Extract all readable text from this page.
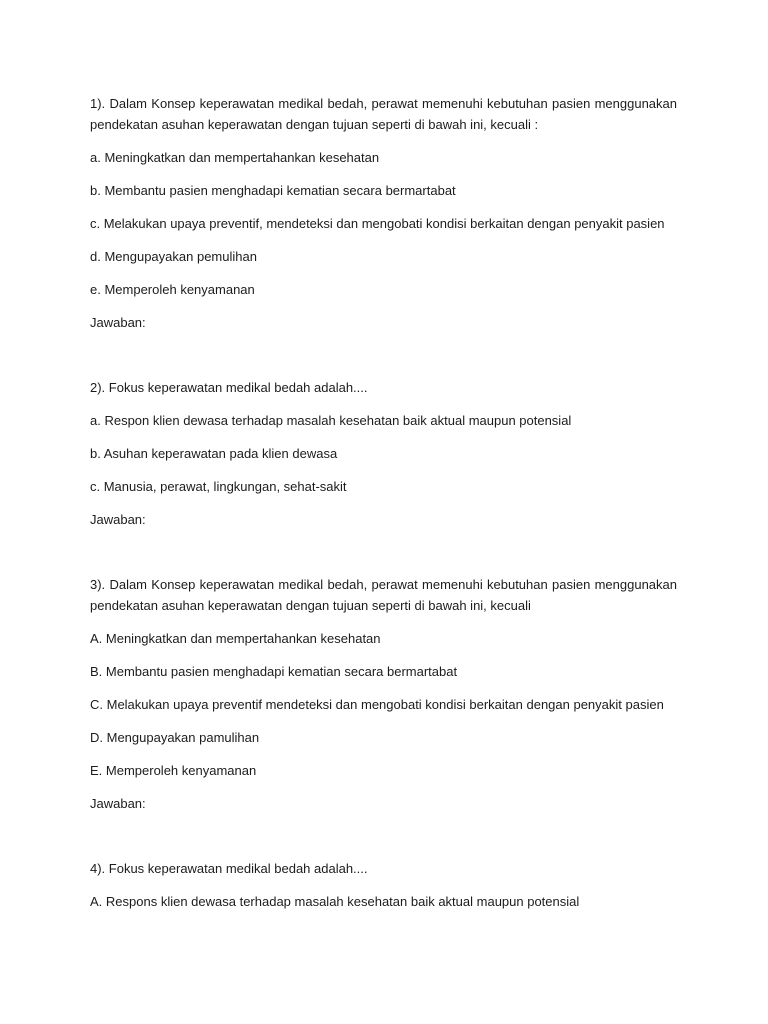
1). Dalam Konsep keperawatan medikal bedah, perawat memenuhi kebutuhan pasien menggunakan pendekatan asuhan keperawatan dengan tujuan seperti di bawah ini, kecuali :

a. Meningkatkan dan mempertahankan kesehatan

b. Membantu pasien menghadapi kematian secara bermartabat

c. Melakukan upaya preventif, mendeteksi dan mengobati kondisi berkaitan dengan penyakit pasien

d. Mengupayakan pemulihan

e. Memperoleh kenyamanan

Jawaban:

2). Fokus keperawatan medikal bedah adalah....

a. Respon klien dewasa terhadap masalah kesehatan baik aktual maupun potensial

b. Asuhan keperawatan pada klien dewasa

c. Manusia, perawat, lingkungan, sehat-sakit

Jawaban:

3). Dalam Konsep keperawatan medikal bedah, perawat memenuhi kebutuhan pasien menggunakan pendekatan asuhan keperawatan dengan tujuan seperti di bawah ini, kecuali

A. Meningkatkan dan mempertahankan kesehatan

B. Membantu pasien menghadapi kematian secara bermartabat

C. Melakukan upaya preventif mendeteksi dan mengobati kondisi berkaitan dengan penyakit pasien

D. Mengupayakan pamulihan

E. Memperoleh kenyamanan

Jawaban:

4). Fokus keperawatan medikal bedah adalah....

A. Respons klien dewasa terhadap masalah kesehatan baik aktual maupun potensial
